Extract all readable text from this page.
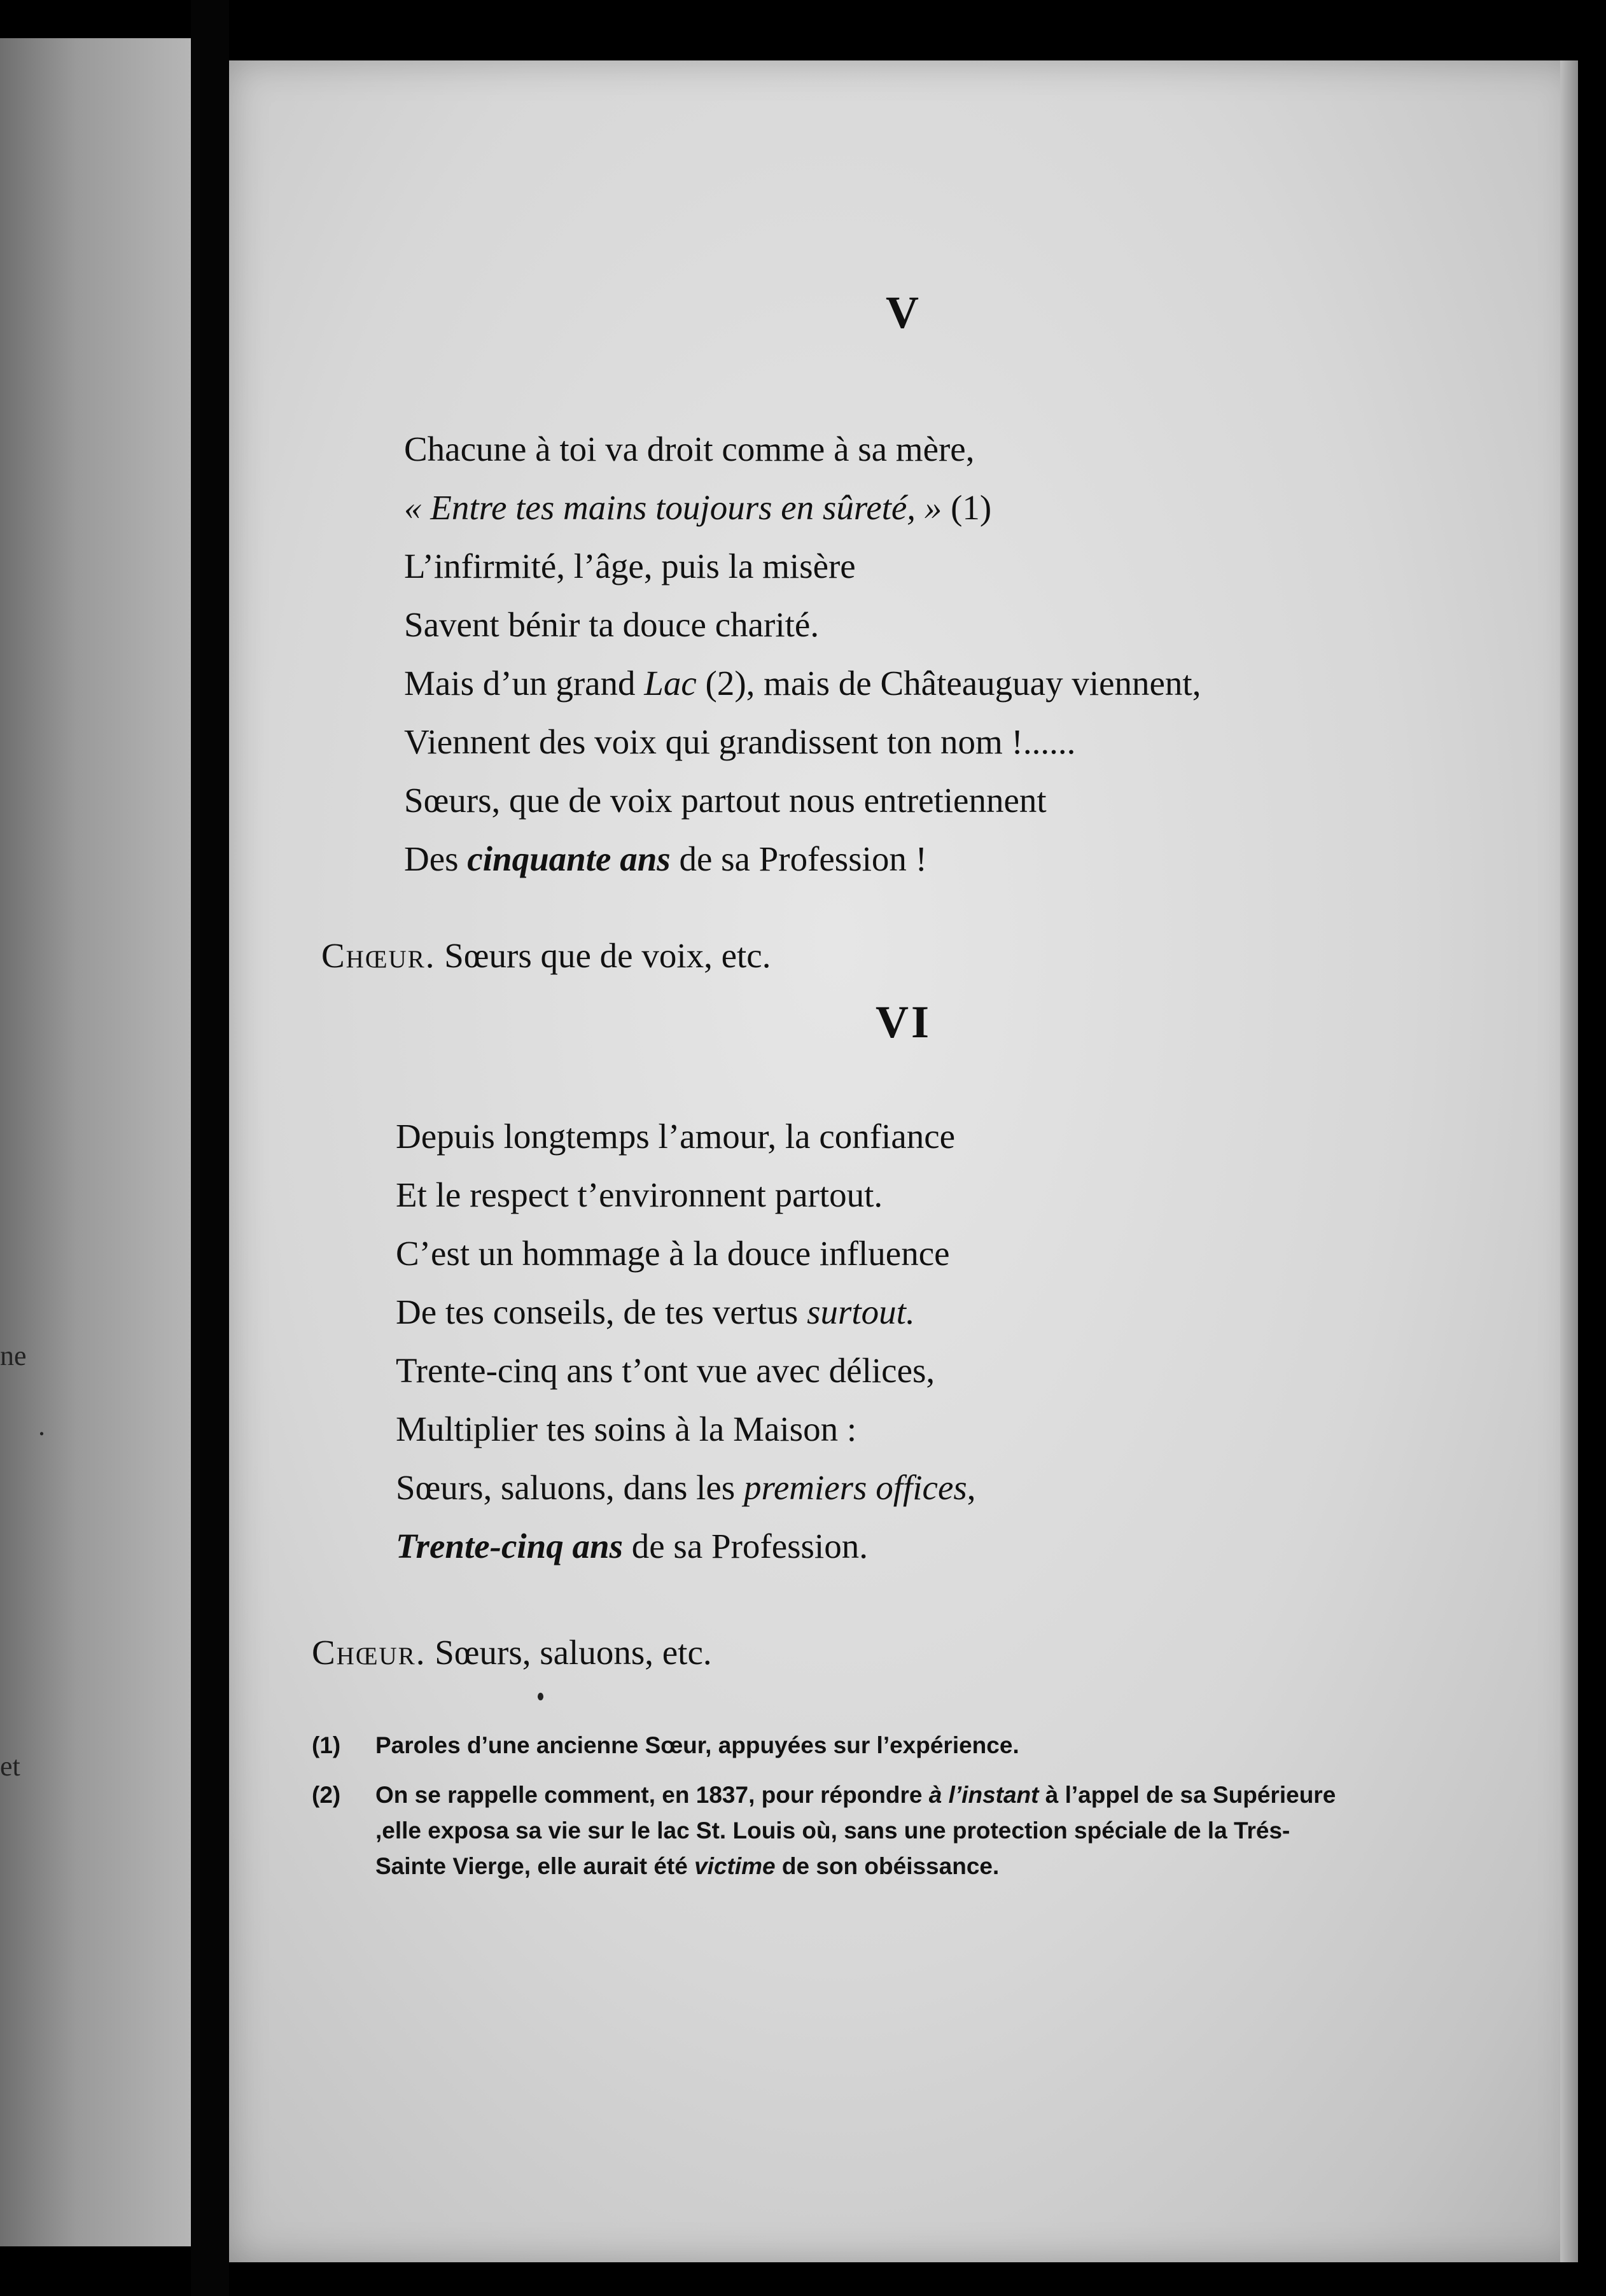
ne
.
et
V
Chacune à toi va droit comme à sa mère,
« Entre tes mains toujours en sûreté, » (1)
L’infirmité, l’âge, puis la misère
Savent bénir ta douce charité.
Mais d’un grand Lac (2), mais de Châteauguay viennent,
Viennent des voix qui grandissent ton nom !......
Sœurs, que de voix partout nous entretiennent
Des cinquante ans de sa Profession !
Chœur. Sœurs que de voix, etc.
VI
Depuis longtemps l’amour, la confiance
Et le respect t’environnent partout.
C’est un hommage à la douce influence
De tes conseils, de tes vertus surtout.
Trente-cinq ans t’ont vue avec délices,
Multiplier tes soins à la Maison :
Sœurs, saluons, dans les premiers offices,
Trente-cinq ans de sa Profession.
Chœur. Sœurs, saluons, etc.
( 1 )	Paroles d’une ancienne Sœur, appuyées sur l’expérience.
( 2 )	On se rappelle comment, en 1837, pour répondre à l’instant à l’appel de sa Supérieure ,elle exposa sa vie sur le lac St. Louis où, sans une protection spéciale de la Trés-Sainte Vierge, elle aurait été victime de son obéissance.
